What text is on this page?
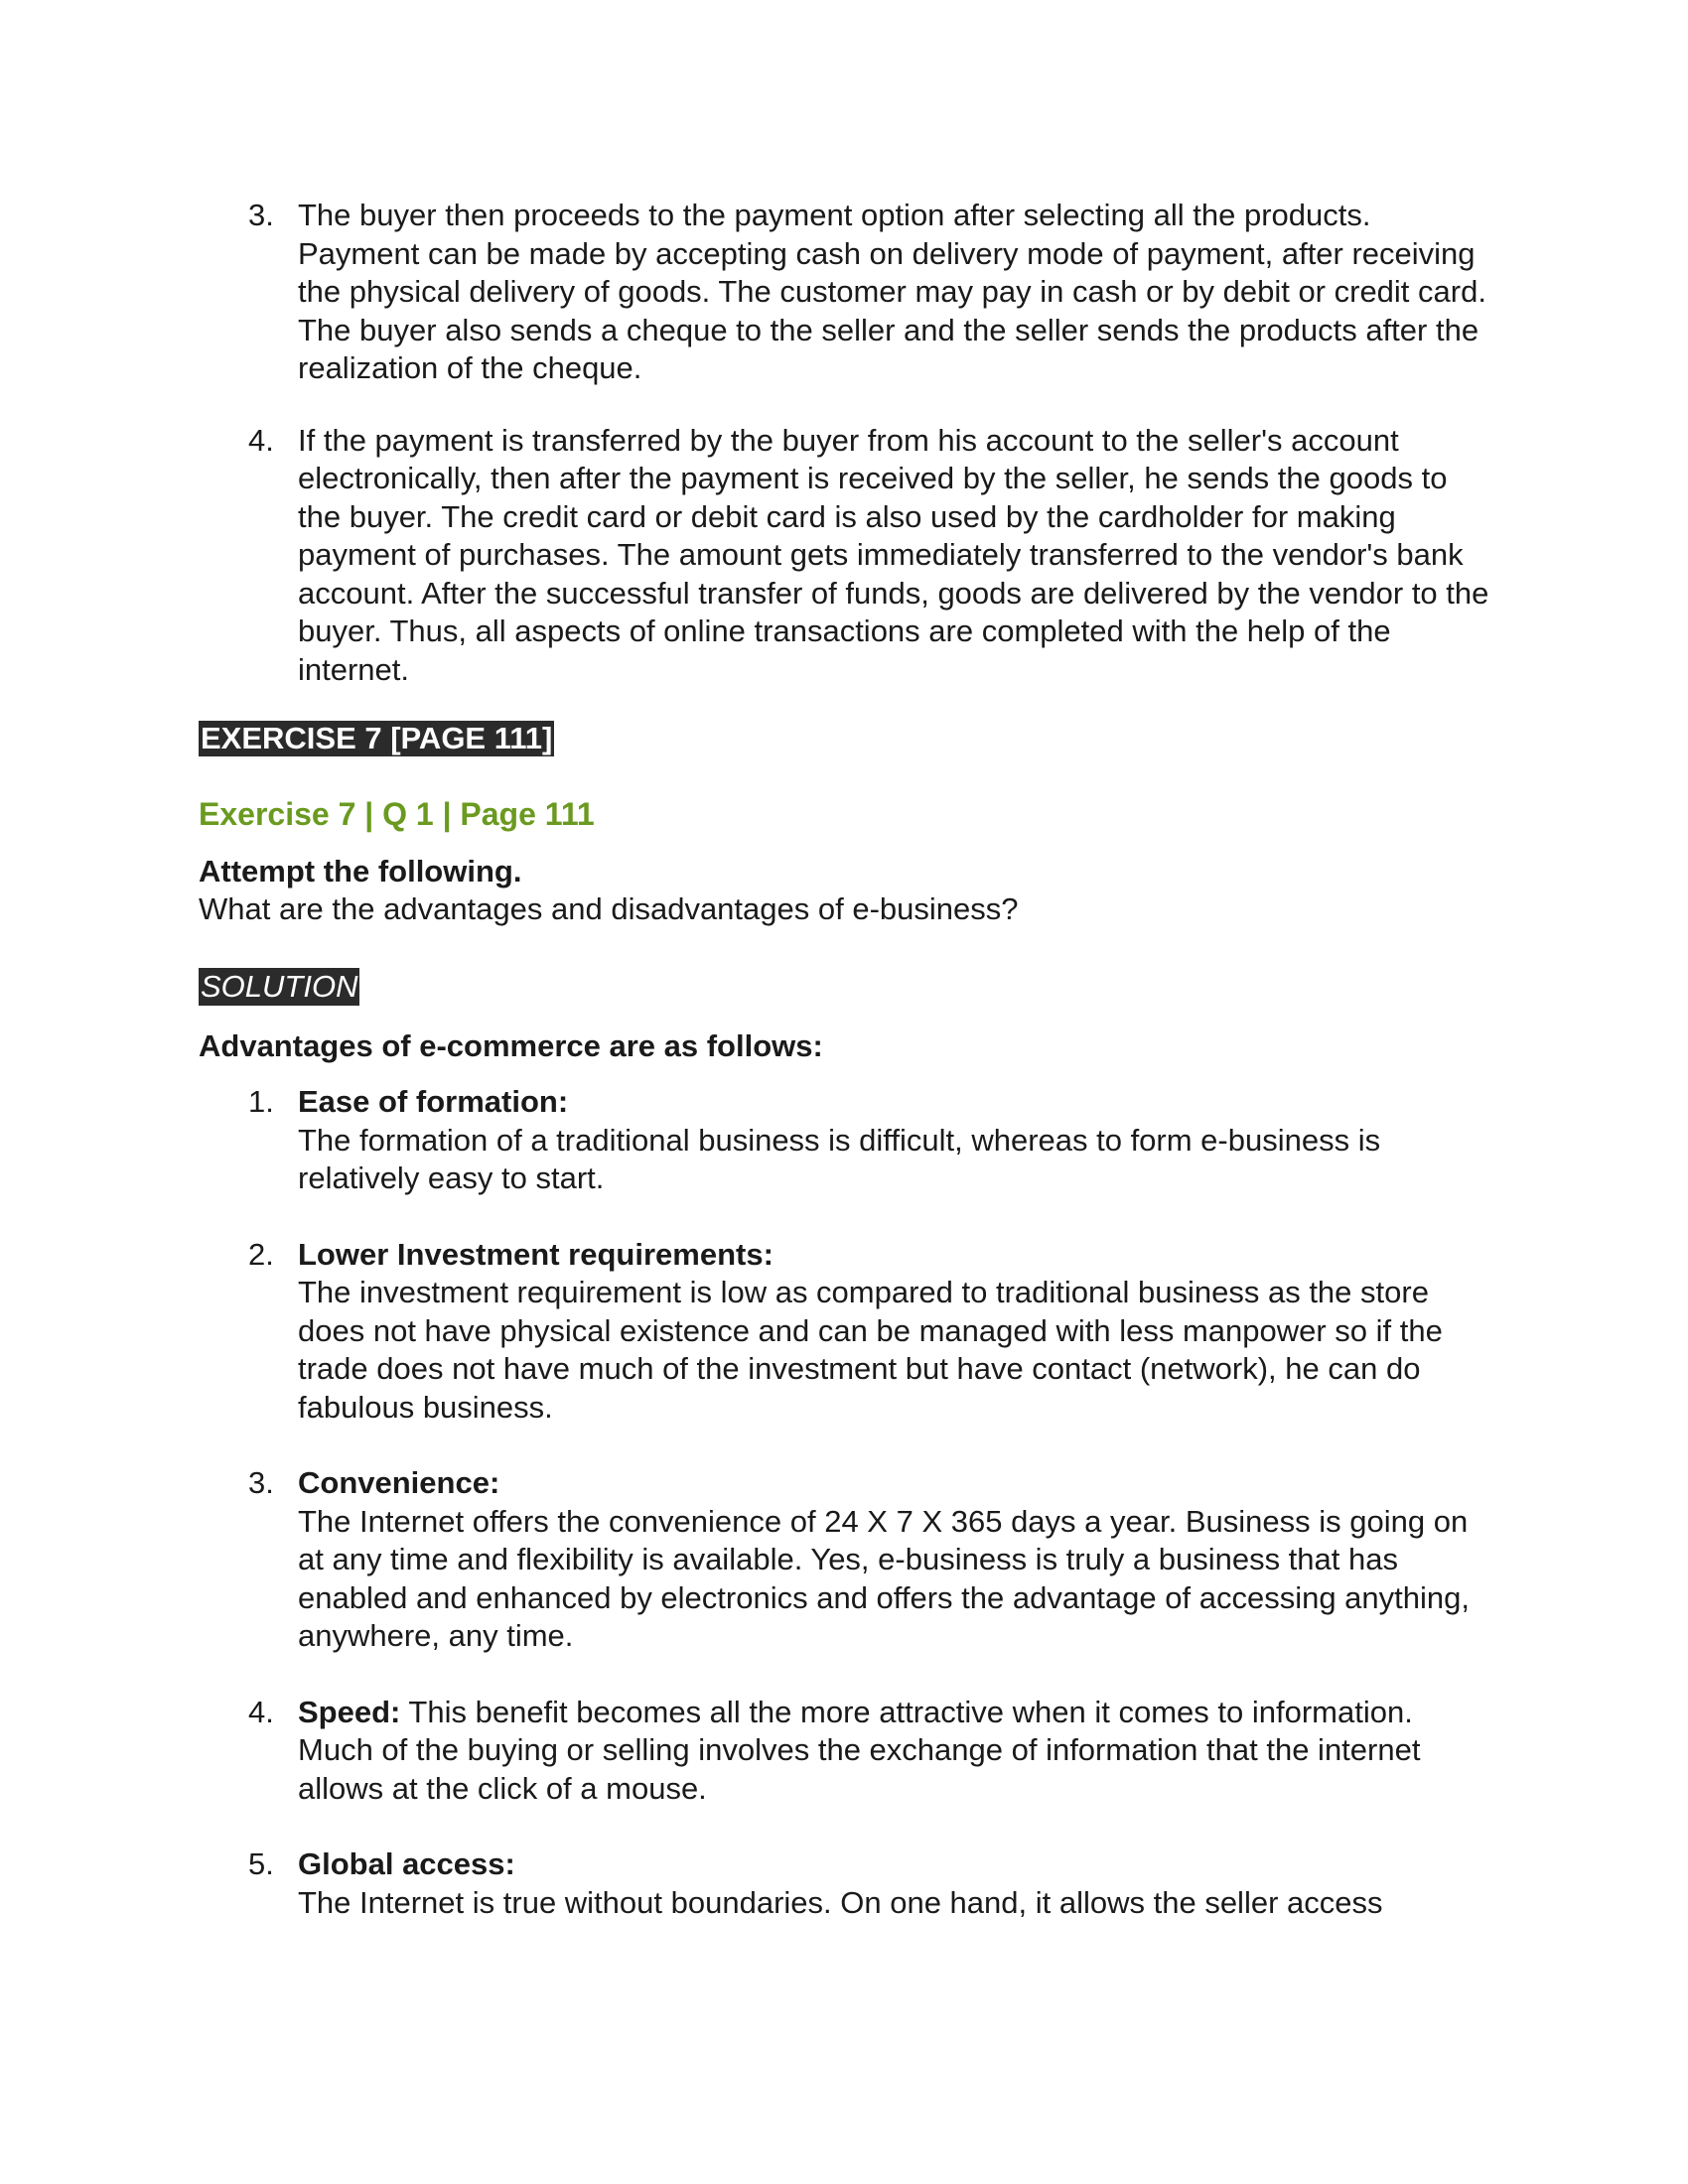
3. The buyer then proceeds to the payment option after selecting all the products. Payment can be made by accepting cash on delivery mode of payment, after receiving the physical delivery of goods. The customer may pay in cash or by debit or credit card. The buyer also sends a cheque to the seller and the seller sends the products after the realization of the cheque.
4. If the payment is transferred by the buyer from his account to the seller's account electronically, then after the payment is received by the seller, he sends the goods to the buyer. The credit card or debit card is also used by the cardholder for making payment of purchases. The amount gets immediately transferred to the vendor's bank account. After the successful transfer of funds, goods are delivered by the vendor to the buyer. Thus, all aspects of online transactions are completed with the help of the internet.
EXERCISE 7 [PAGE 111]
Exercise 7 | Q 1 | Page 111
Attempt the following.
What are the advantages and disadvantages of e-business?
SOLUTION
Advantages of e-commerce are as follows:
1. Ease of formation:
The formation of a traditional business is difficult, whereas to form e-business is relatively easy to start.
2. Lower Investment requirements:
The investment requirement is low as compared to traditional business as the store does not have physical existence and can be managed with less manpower so if the trade does not have much of the investment but have contact (network), he can do fabulous business.
3. Convenience:
The Internet offers the convenience of 24 X 7 X 365 days a year. Business is going on at any time and flexibility is available. Yes, e-business is truly a business that has enabled and enhanced by electronics and offers the advantage of accessing anything, anywhere, any time.
4. Speed: This benefit becomes all the more attractive when it comes to information. Much of the buying or selling involves the exchange of information that the internet allows at the click of a mouse.
5. Global access:
The Internet is true without boundaries. On one hand, it allows the seller access
